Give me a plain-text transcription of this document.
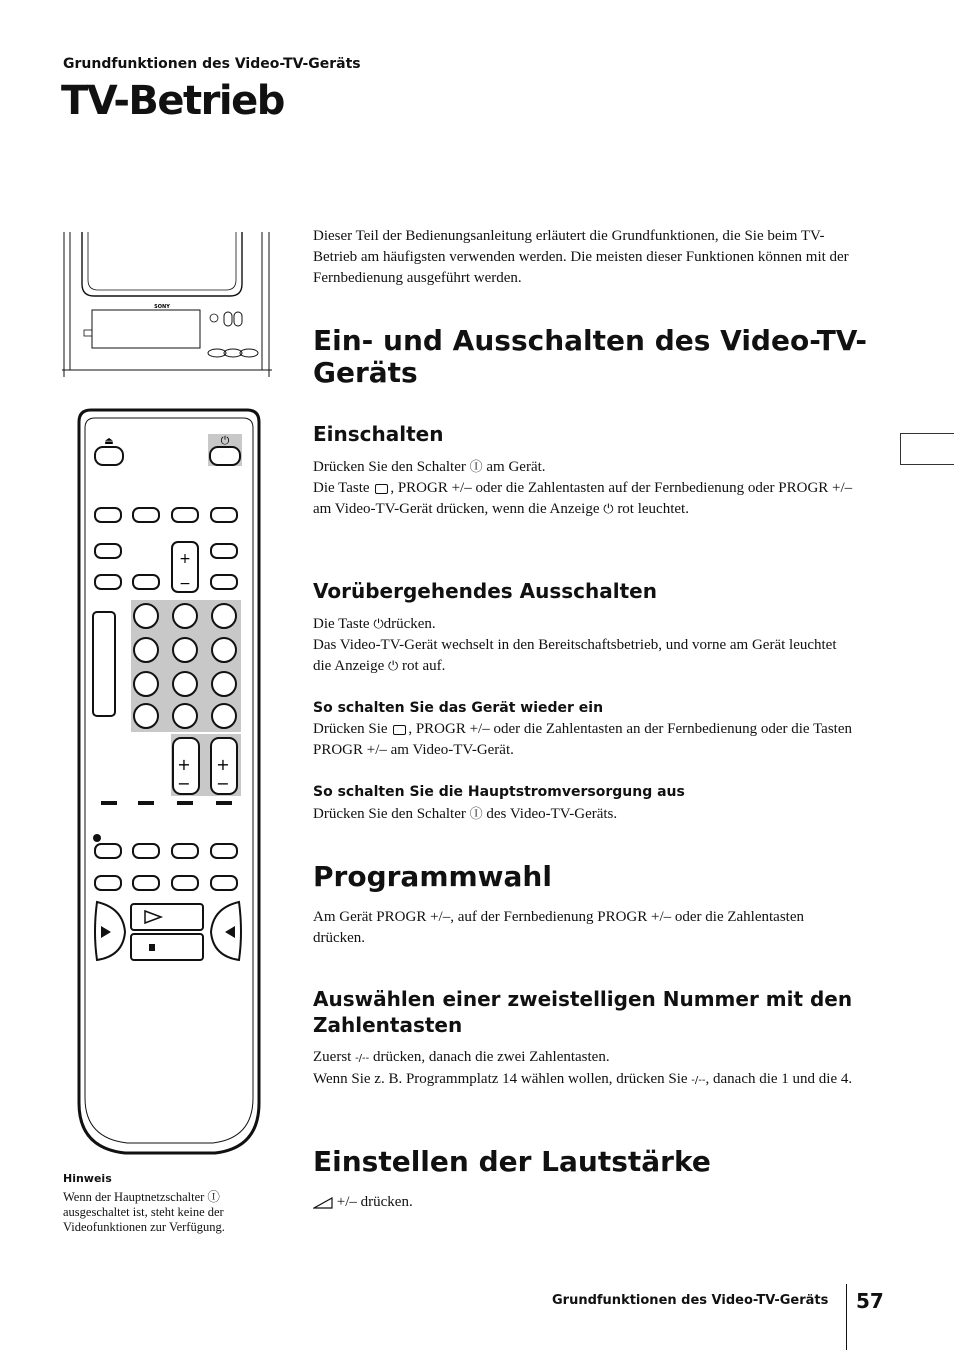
Grundfunktionen des Video-TV-Geräts
TV-Betrieb
SONY
+
−
+ +
− −
⏻
⏏
Dieser Teil der Bedienungsanleitung erläutert die Grundfunktionen, die Sie beim TV-Betrieb am häufigsten verwenden werden. Die meisten dieser Funktionen können mit der Fernbedienung ausgeführt werden.
Ein- und Ausschalten des Video-TV-Geräts
Einschalten
Drücken Sie den Schalter Ⓘ am Gerät.
Die Taste , PROGR +/– oder die Zahlentasten auf der Fernbedienung oder PROGR +/– am Video-TV-Gerät drücken, wenn die Anzeige ⏻ rot leuchtet.
Vorübergehendes Ausschalten
Die Taste ⏻drücken.
Das Video-TV-Gerät wechselt in den Bereitschaftsbetrieb, und vorne am Gerät leuchtet die Anzeige ⏻ rot auf.
So schalten Sie das Gerät wieder ein
Drücken Sie , PROGR +/– oder die Zahlentasten an der Fernbedienung oder die Tasten PROGR +/– am Video-TV-Gerät.
So schalten Sie die Hauptstromversorgung aus
Drücken Sie den Schalter Ⓘ des Video-TV-Geräts.
Programmwahl
Am Gerät PROGR +/–, auf der Fernbedienung PROGR +/– oder die Zahlentasten drücken.
Auswählen einer zweistelligen Nummer mit den Zahlentasten
Zuerst -/-- drücken, danach die zwei Zahlentasten.
Wenn Sie z. B. Programmplatz 14 wählen wollen, drücken Sie -/--, danach die 1 und die 4.
Einstellen der Lautstärke
+/– drücken.
Hinweis
Wenn der Hauptnetzschalter Ⓘ ausgeschaltet ist, steht keine der Videofunktionen zur Verfügung.
Grundfunktionen des Video-TV-Geräts 57
